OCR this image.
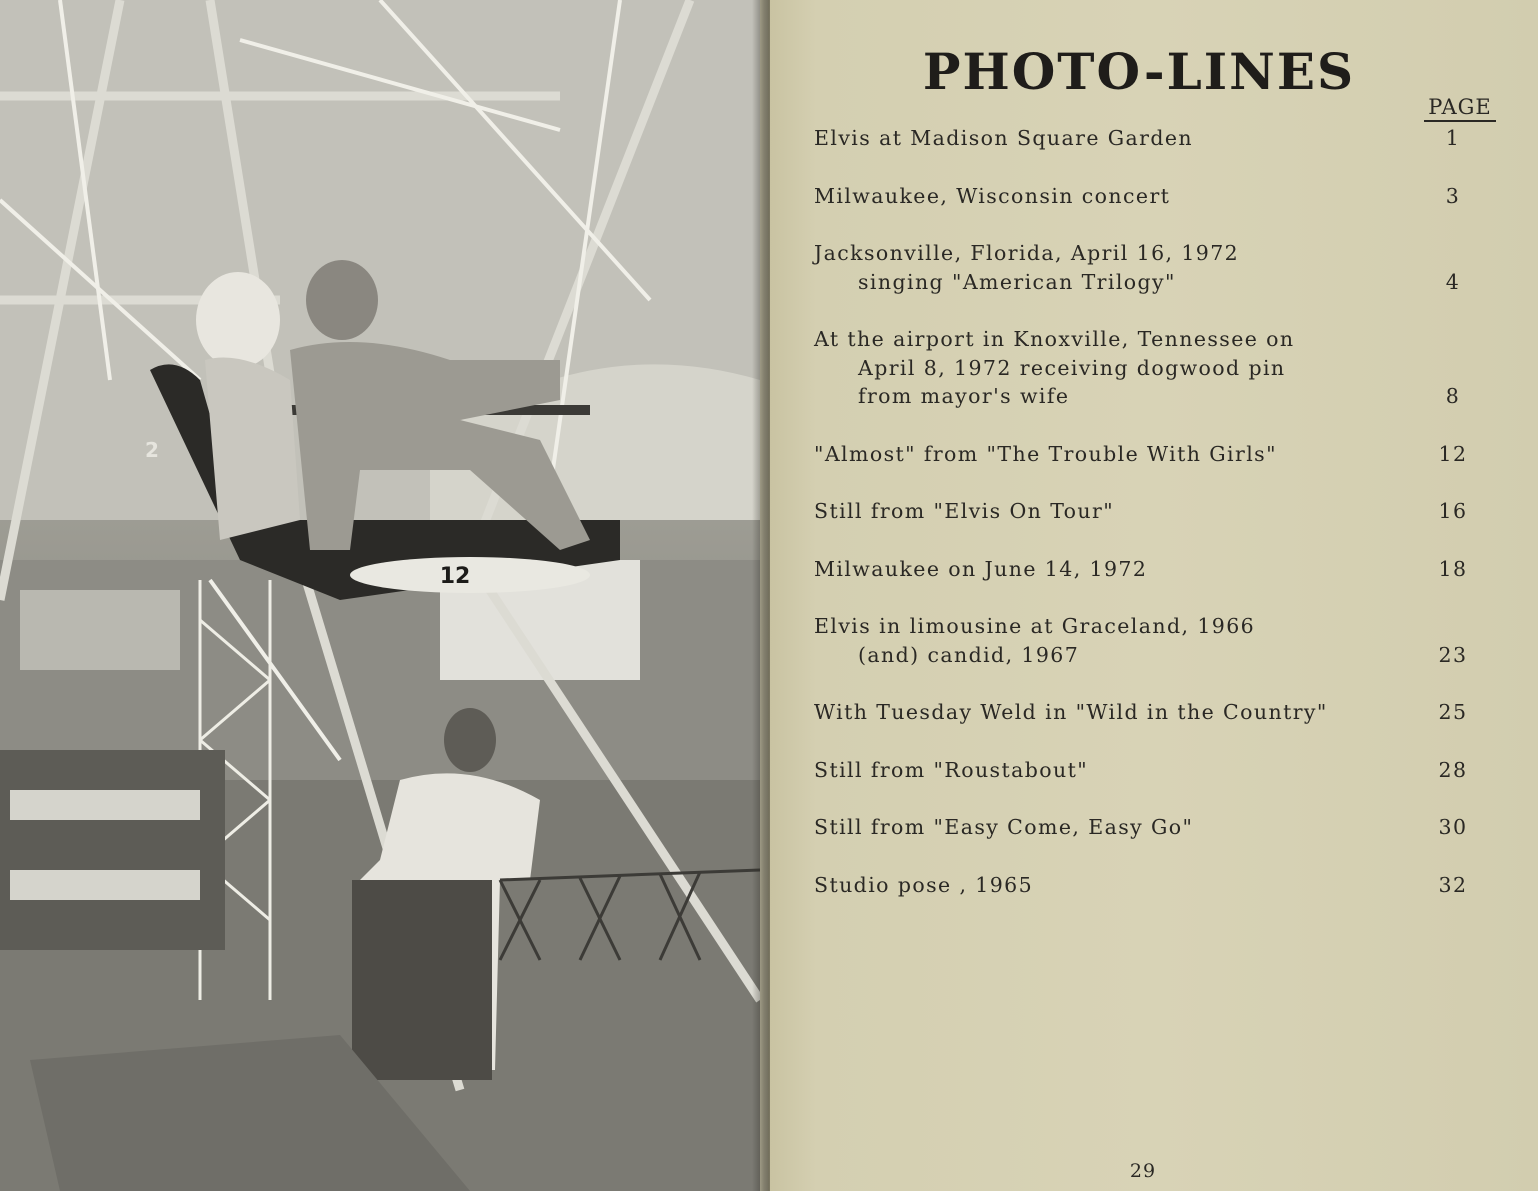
12
2
PHOTO-LINES
PAGE
Elvis at Madison Square Garden	1
Milwaukee, Wisconsin concert	3
Jacksonville, Florida, April 16, 1972
singing "American Trilogy"	4
At the airport in Knoxville, Tennessee on
April 8, 1972 receiving dogwood pin
from mayor's wife	8
"Almost" from "The Trouble With Girls"	12
Still from "Elvis On Tour"	16
Milwaukee on June 14, 1972	18
Elvis in limousine at Graceland, 1966
(and) candid, 1967	23
With Tuesday Weld in "Wild in the Country"	25
Still from "Roustabout"	28
Still from "Easy Come, Easy Go"	30
Studio pose , 1965	32
29
